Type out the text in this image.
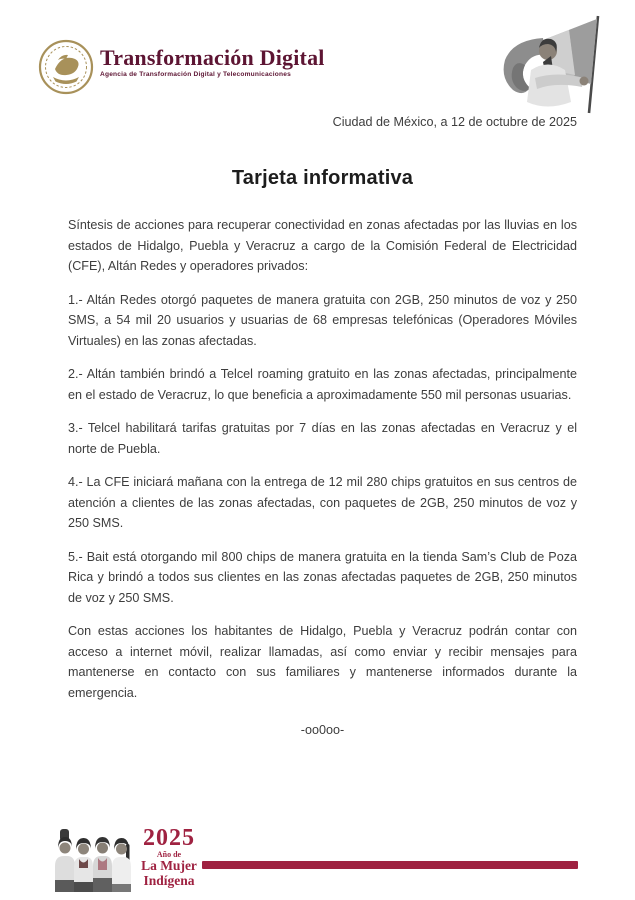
Transformación Digital
Agencia de Transformación Digital y Telecomunicaciones
Ciudad de México, a 12 de octubre de 2025
Tarjeta informativa

Síntesis de acciones para recuperar conectividad en zonas afectadas por las lluvias en los estados de Hidalgo, Puebla y Veracruz a cargo de la Comisión Federal de Electricidad (CFE), Altán Redes y operadores privados:

1.- Altán Redes otorgó paquetes de manera gratuita con 2GB, 250 minutos de voz y 250 SMS, a 54 mil 20 usuarios y usuarias de 68 empresas telefónicas (Operadores Móviles Virtuales) en las zonas afectadas.

2.- Altán también brindó a Telcel roaming gratuito en las zonas afectadas, principalmente en el estado de Veracruz, lo que beneficia a aproximadamente 550 mil personas usuarias.

3.- Telcel habilitará tarifas gratuitas por 7 días en las zonas afectadas en Veracruz y el norte de Puebla.

4.- La CFE iniciará mañana con la entrega de 12 mil 280 chips gratuitos en sus centros de atención a clientes de las zonas afectadas, con paquetes de 2GB, 250 minutos de voz y 250 SMS.

5.- Bait está otorgando mil 800 chips de manera gratuita en la tienda Sam’s Club de Poza Rica y brindó a todos sus clientes en las zonas afectadas paquetes de 2GB, 250 minutos de voz y 250 SMS.

Con estas acciones los habitantes de Hidalgo, Puebla y Veracruz podrán contar con acceso a internet móvil, realizar llamadas, así como enviar y recibir mensajes para mantenerse en contacto con sus familiares y mantenerse informados durante la emergencia.

-oo0oo-
2025
Año de
La Mujer
Indígena
